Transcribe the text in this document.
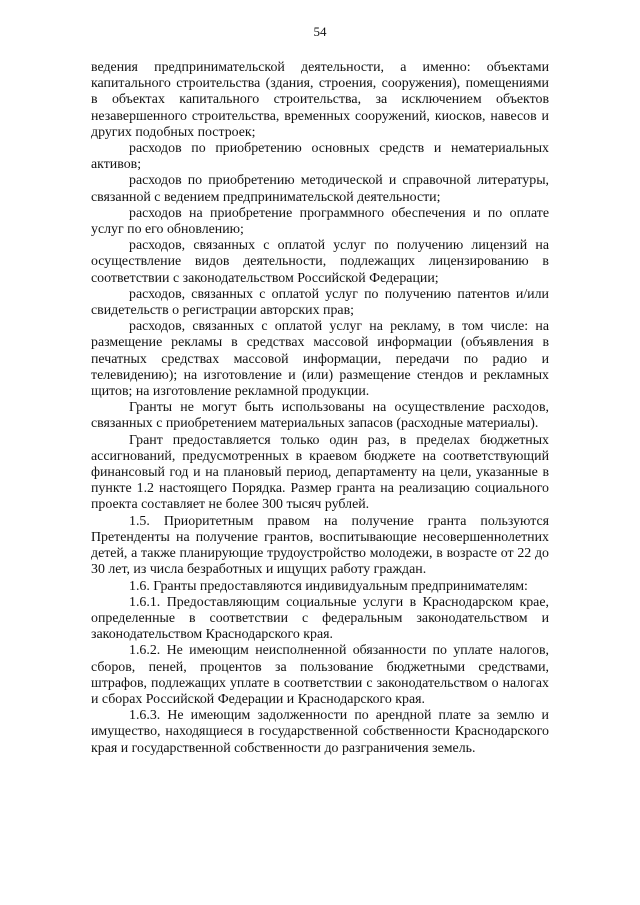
54

ведения предпринимательской деятельности, а именно: объектами капитального строительства (здания, строения, сооружения), помещениями в объектах капитального строительства, за исключением объектов незавершенного строительства, временных сооружений, киосков, навесов и других подобных построек;

расходов по приобретению основных средств и нематериальных активов;

расходов по приобретению методической и справочной литературы, связанной с ведением предпринимательской деятельности;

расходов на приобретение программного обеспечения и по оплате услуг по его обновлению;

расходов, связанных с оплатой услуг по получению лицензий на осуществление видов деятельности, подлежащих лицензированию в соответствии с законодательством Российской Федерации;

расходов, связанных с оплатой услуг по получению патентов и/или свидетельств о регистрации авторских прав;

расходов, связанных с оплатой услуг на рекламу, в том числе: на размещение рекламы в средствах массовой информации (объявления в печатных средствах массовой информации, передачи по радио и телевидению); на изготовление и (или) размещение стендов и рекламных щитов; на изготовление рекламной продукции.

Гранты не могут быть использованы на осуществление расходов, связанных с приобретением материальных запасов (расходные материалы).

Грант предоставляется только один раз, в пределах бюджетных ассигнований, предусмотренных в краевом бюджете на соответствующий финансовый год и на плановый период, департаменту на цели, указанные в пункте 1.2 настоящего Порядка. Размер гранта на реализацию социального проекта составляет не более 300 тысяч рублей.

1.5. Приоритетным правом на получение гранта пользуются Претенденты на получение грантов, воспитывающие несовершеннолетних детей, а также планирующие трудоустройство молодежи, в возрасте от 22 до 30 лет, из числа безработных и ищущих работу граждан.

1.6. Гранты предоставляются индивидуальным предпринимателям:

1.6.1. Предоставляющим социальные услуги в Краснодарском крае, определенные в соответствии с федеральным законодательством и законодательством Краснодарского края.

1.6.2. Не имеющим неисполненной обязанности по уплате налогов, сборов, пеней, процентов за пользование бюджетными средствами, штрафов, подлежащих уплате в соответствии с законодательством о налогах и сборах Российской Федерации и Краснодарского края.

1.6.3. Не имеющим задолженности по арендной плате за землю и имущество, находящиеся в государственной собственности Краснодарского края и государственной собственности до разграничения земель.
